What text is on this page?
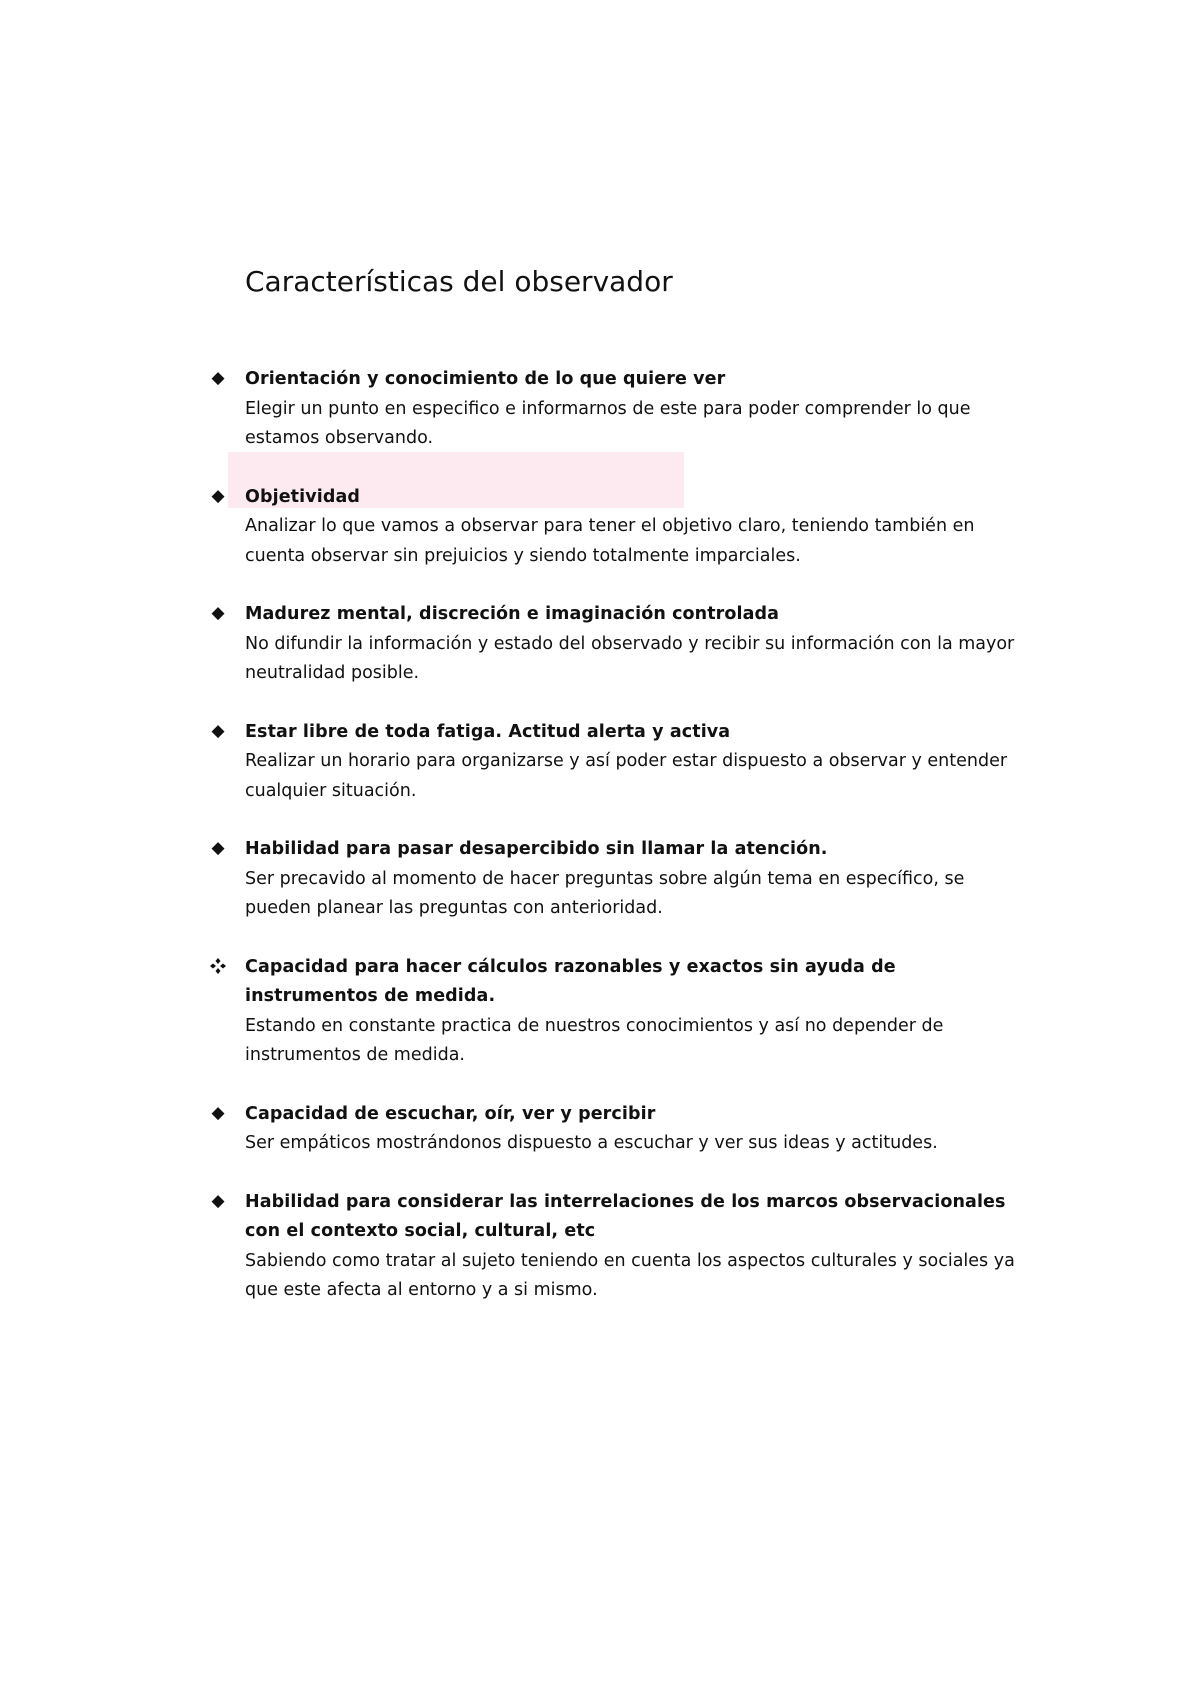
Características del observador
◆ Orientación y conocimiento de lo que quiere ver
Elegir un punto en especifico e informarnos de este para poder comprender lo que estamos observando.
◆ Objetividad
Analizar lo que vamos a observar para tener el objetivo claro, teniendo también en cuenta observar sin prejuicios y siendo totalmente imparciales.
◆ Madurez mental, discreción e imaginación controlada
No difundir la información y estado del observado y recibir su información con la mayor neutralidad posible.
◆ Estar libre de toda fatiga. Actitud alerta y activa
Realizar un horario para organizarse y así poder estar dispuesto a observar y entender cualquier situación.
◆ Habilidad para pasar desapercibido sin llamar la atención.
Ser precavido al momento de hacer preguntas sobre algún tema en específico, se pueden planear las preguntas con anterioridad.
Capacidad para hacer cálculos razonables y exactos sin ayuda de instrumentos de medida.
Estando en constante practica de nuestros conocimientos y así no depender de instrumentos de medida.
◆ Capacidad de escuchar, oír, ver y percibir
Ser empáticos mostrándonos dispuesto a escuchar y ver sus ideas y actitudes.
◆ Habilidad para considerar las interrelaciones de los marcos observacionales con el contexto social, cultural, etc
Sabiendo como tratar al sujeto teniendo en cuenta los aspectos culturales y sociales ya que este afecta al entorno y a si mismo.
